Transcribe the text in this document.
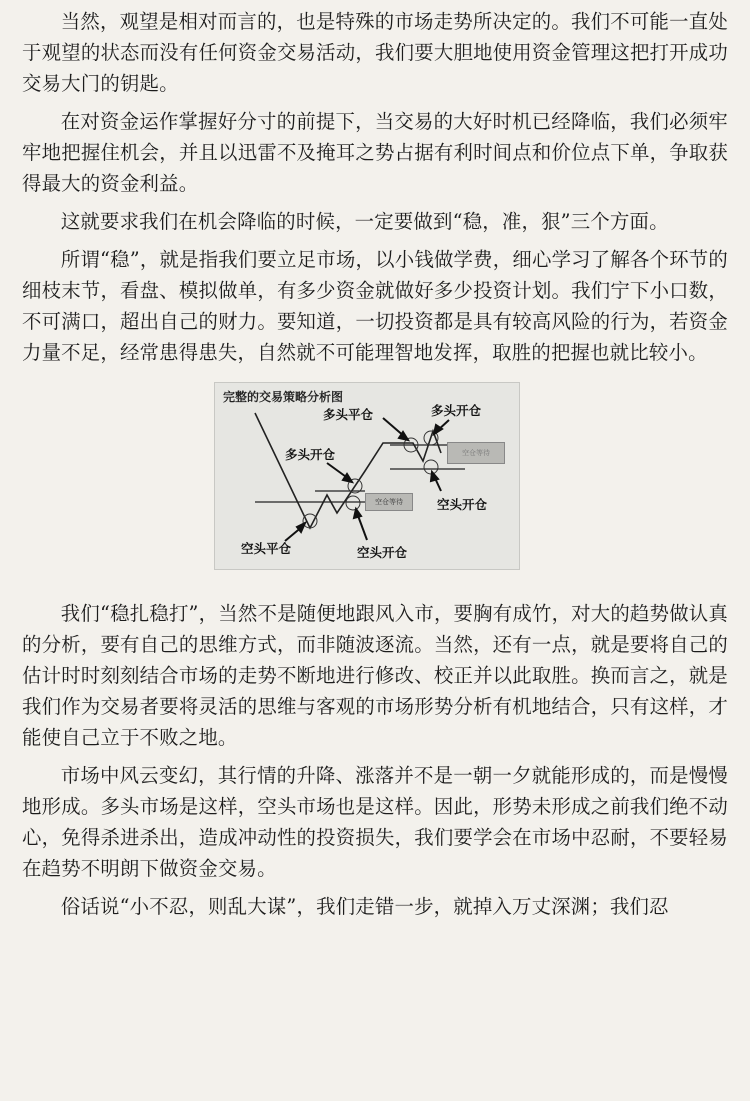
当然，观望是相对而言的，也是特殊的市场走势所决定的。我们不可能一直处于观望的状态而没有任何资金交易活动，我们要大胆地使用资金管理这把打开成功交易大门的钥匙。

在对资金运作掌握好分寸的前提下，当交易的大好时机已经降临，我们必须牢牢地把握住机会，并且以迅雷不及掩耳之势占据有利时间点和价位点下单，争取获得最大的资金利益。

这就要求我们在机会降临的时候，一定要做到“稳，准，狠”三个方面。

所谓“稳”，就是指我们要立足市场，以小钱做学费，细心学习了解各个环节的细枝末节，看盘、模拟做单，有多少资金就做好多少投资计划。我们宁下小口数，不可满口，超出自己的财力。要知道，一切投资都是具有较高风险的行为，若资金力量不足，经常患得患失，自然就不可能理智地发挥，取胜的把握也就比较小。

完整的交易策略分析图
多头平仓	多头开仓
多头开仓
空头开仓
空头平仓	空头开仓
空仓等待
空仓等待

我们“稳扎稳打”，当然不是随便地跟风入市，要胸有成竹，对大的趋势做认真的分析，要有自己的思维方式，而非随波逐流。当然，还有一点，就是要将自己的估计时时刻刻结合市场的走势不断地进行修改、校正并以此取胜。换而言之，就是我们作为交易者要将灵活的思维与客观的市场形势分析有机地结合，只有这样，才能使自己立于不败之地。

市场中风云变幻，其行情的升降、涨落并不是一朝一夕就能形成的，而是慢慢地形成。多头市场是这样，空头市场也是这样。因此，形势未形成之前我们绝不动心，免得杀进杀出，造成冲动性的投资损失，我们要学会在市场中忍耐，不要轻易在趋势不明朗下做资金交易。

俗话说“小不忍，则乱大谋”，我们走错一步，就掉入万丈深渊；我们忍
